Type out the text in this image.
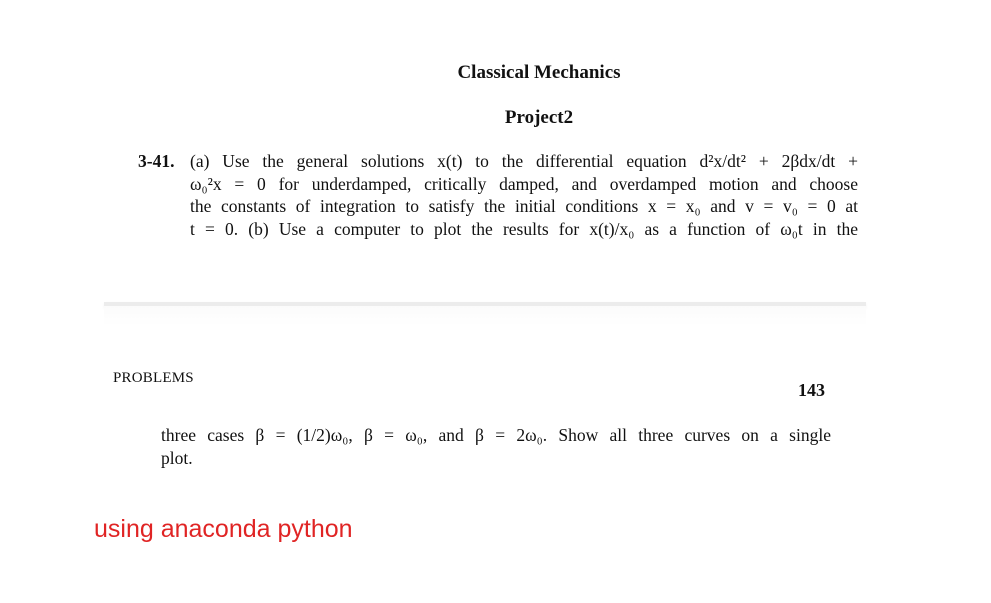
Classical Mechanics
Project2
3-41. (a) Use the general solutions x(t) to the differential equation d²x/dt² + 2βdx/dt +
ω₀²x = 0 for underdamped, critically damped, and overdamped motion and choose
the constants of integration to satisfy the initial conditions x = x₀ and v = v₀ = 0 at
t = 0. (b) Use a computer to plot the results for x(t)/x₀ as a function of ω₀t in the
PROBLEMS
143
three cases β = (1/2)ω₀, β = ω₀, and β = 2ω₀. Show all three curves on a single
plot.
using anaconda python
